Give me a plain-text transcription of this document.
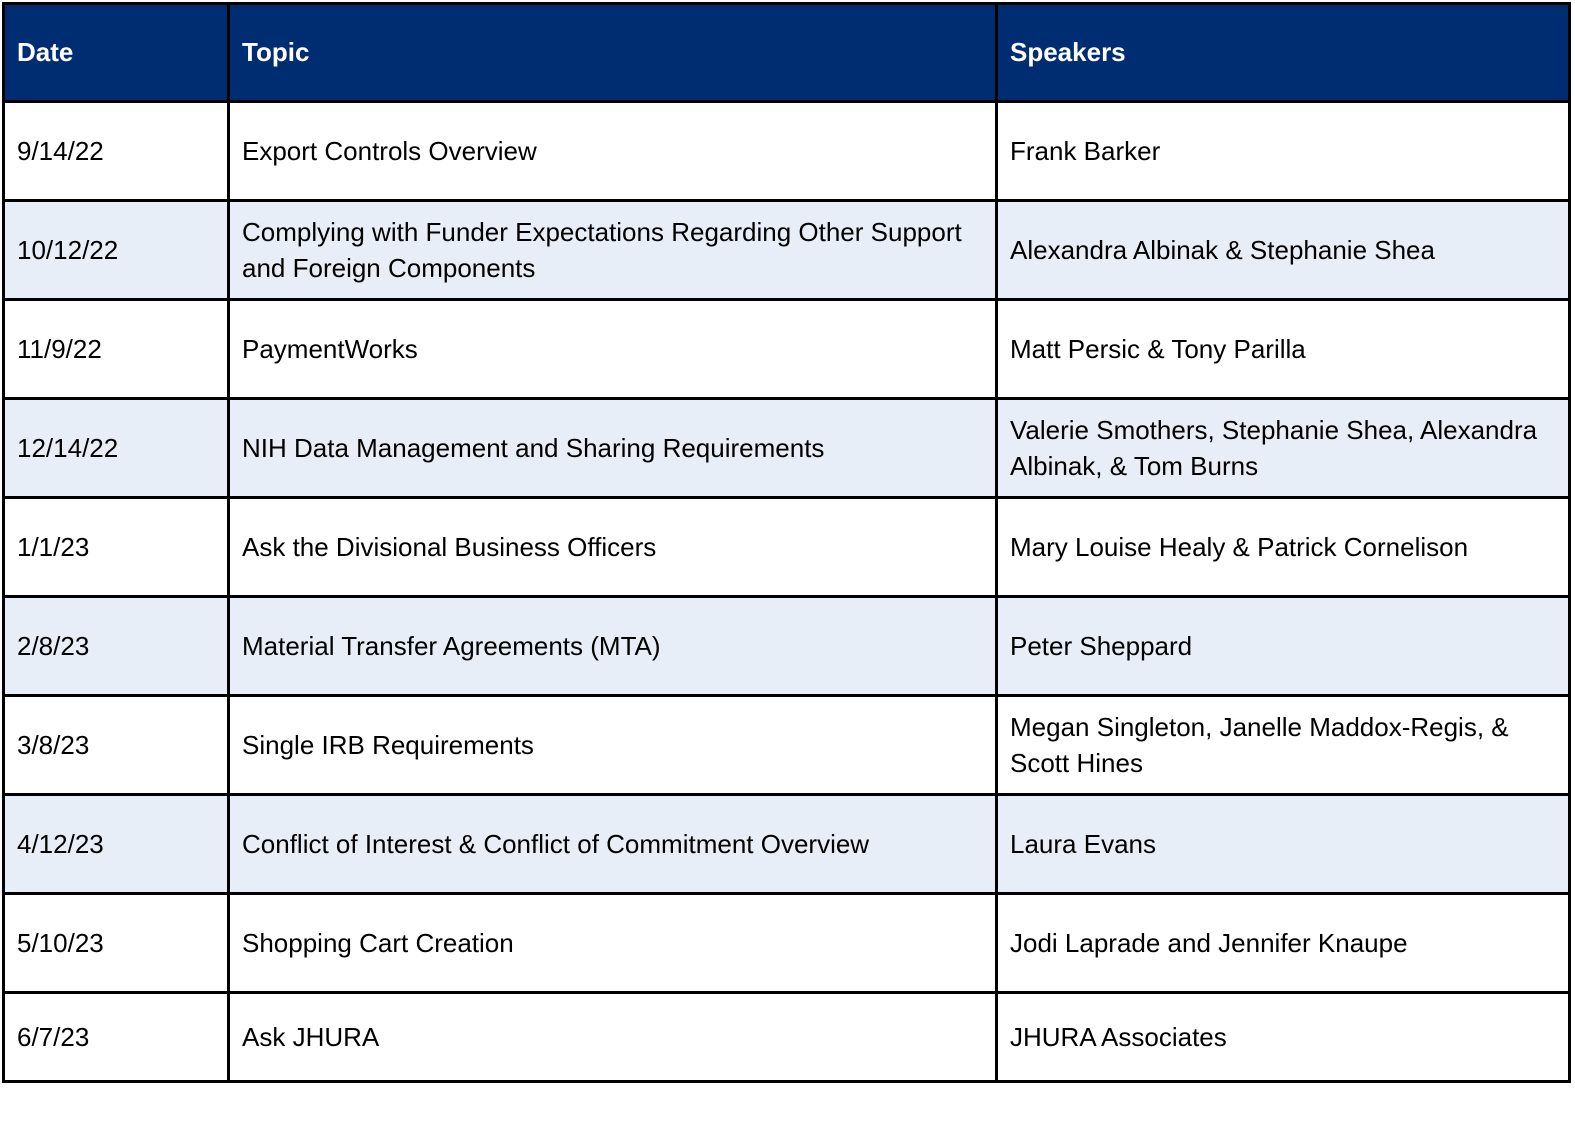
Date	Topic	Speakers
9/14/22	Export Controls Overview	Frank Barker
10/12/22	Complying with Funder Expectations Regarding Other Support and Foreign Components	Alexandra Albinak & Stephanie Shea
11/9/22	PaymentWorks	Matt Persic & Tony Parilla
12/14/22	NIH Data Management and Sharing Requirements	Valerie Smothers, Stephanie Shea, Alexandra Albinak, & Tom Burns
1/1/23	Ask the Divisional Business Officers	Mary Louise Healy & Patrick Cornelison
2/8/23	Material Transfer Agreements (MTA)	Peter Sheppard
3/8/23	Single IRB Requirements	Megan Singleton, Janelle Maddox-Regis, & Scott Hines
4/12/23	Conflict of Interest & Conflict of Commitment Overview	Laura Evans
5/10/23	Shopping Cart Creation	Jodi Laprade and Jennifer Knaupe
6/7/23	Ask JHURA	JHURA Associates
